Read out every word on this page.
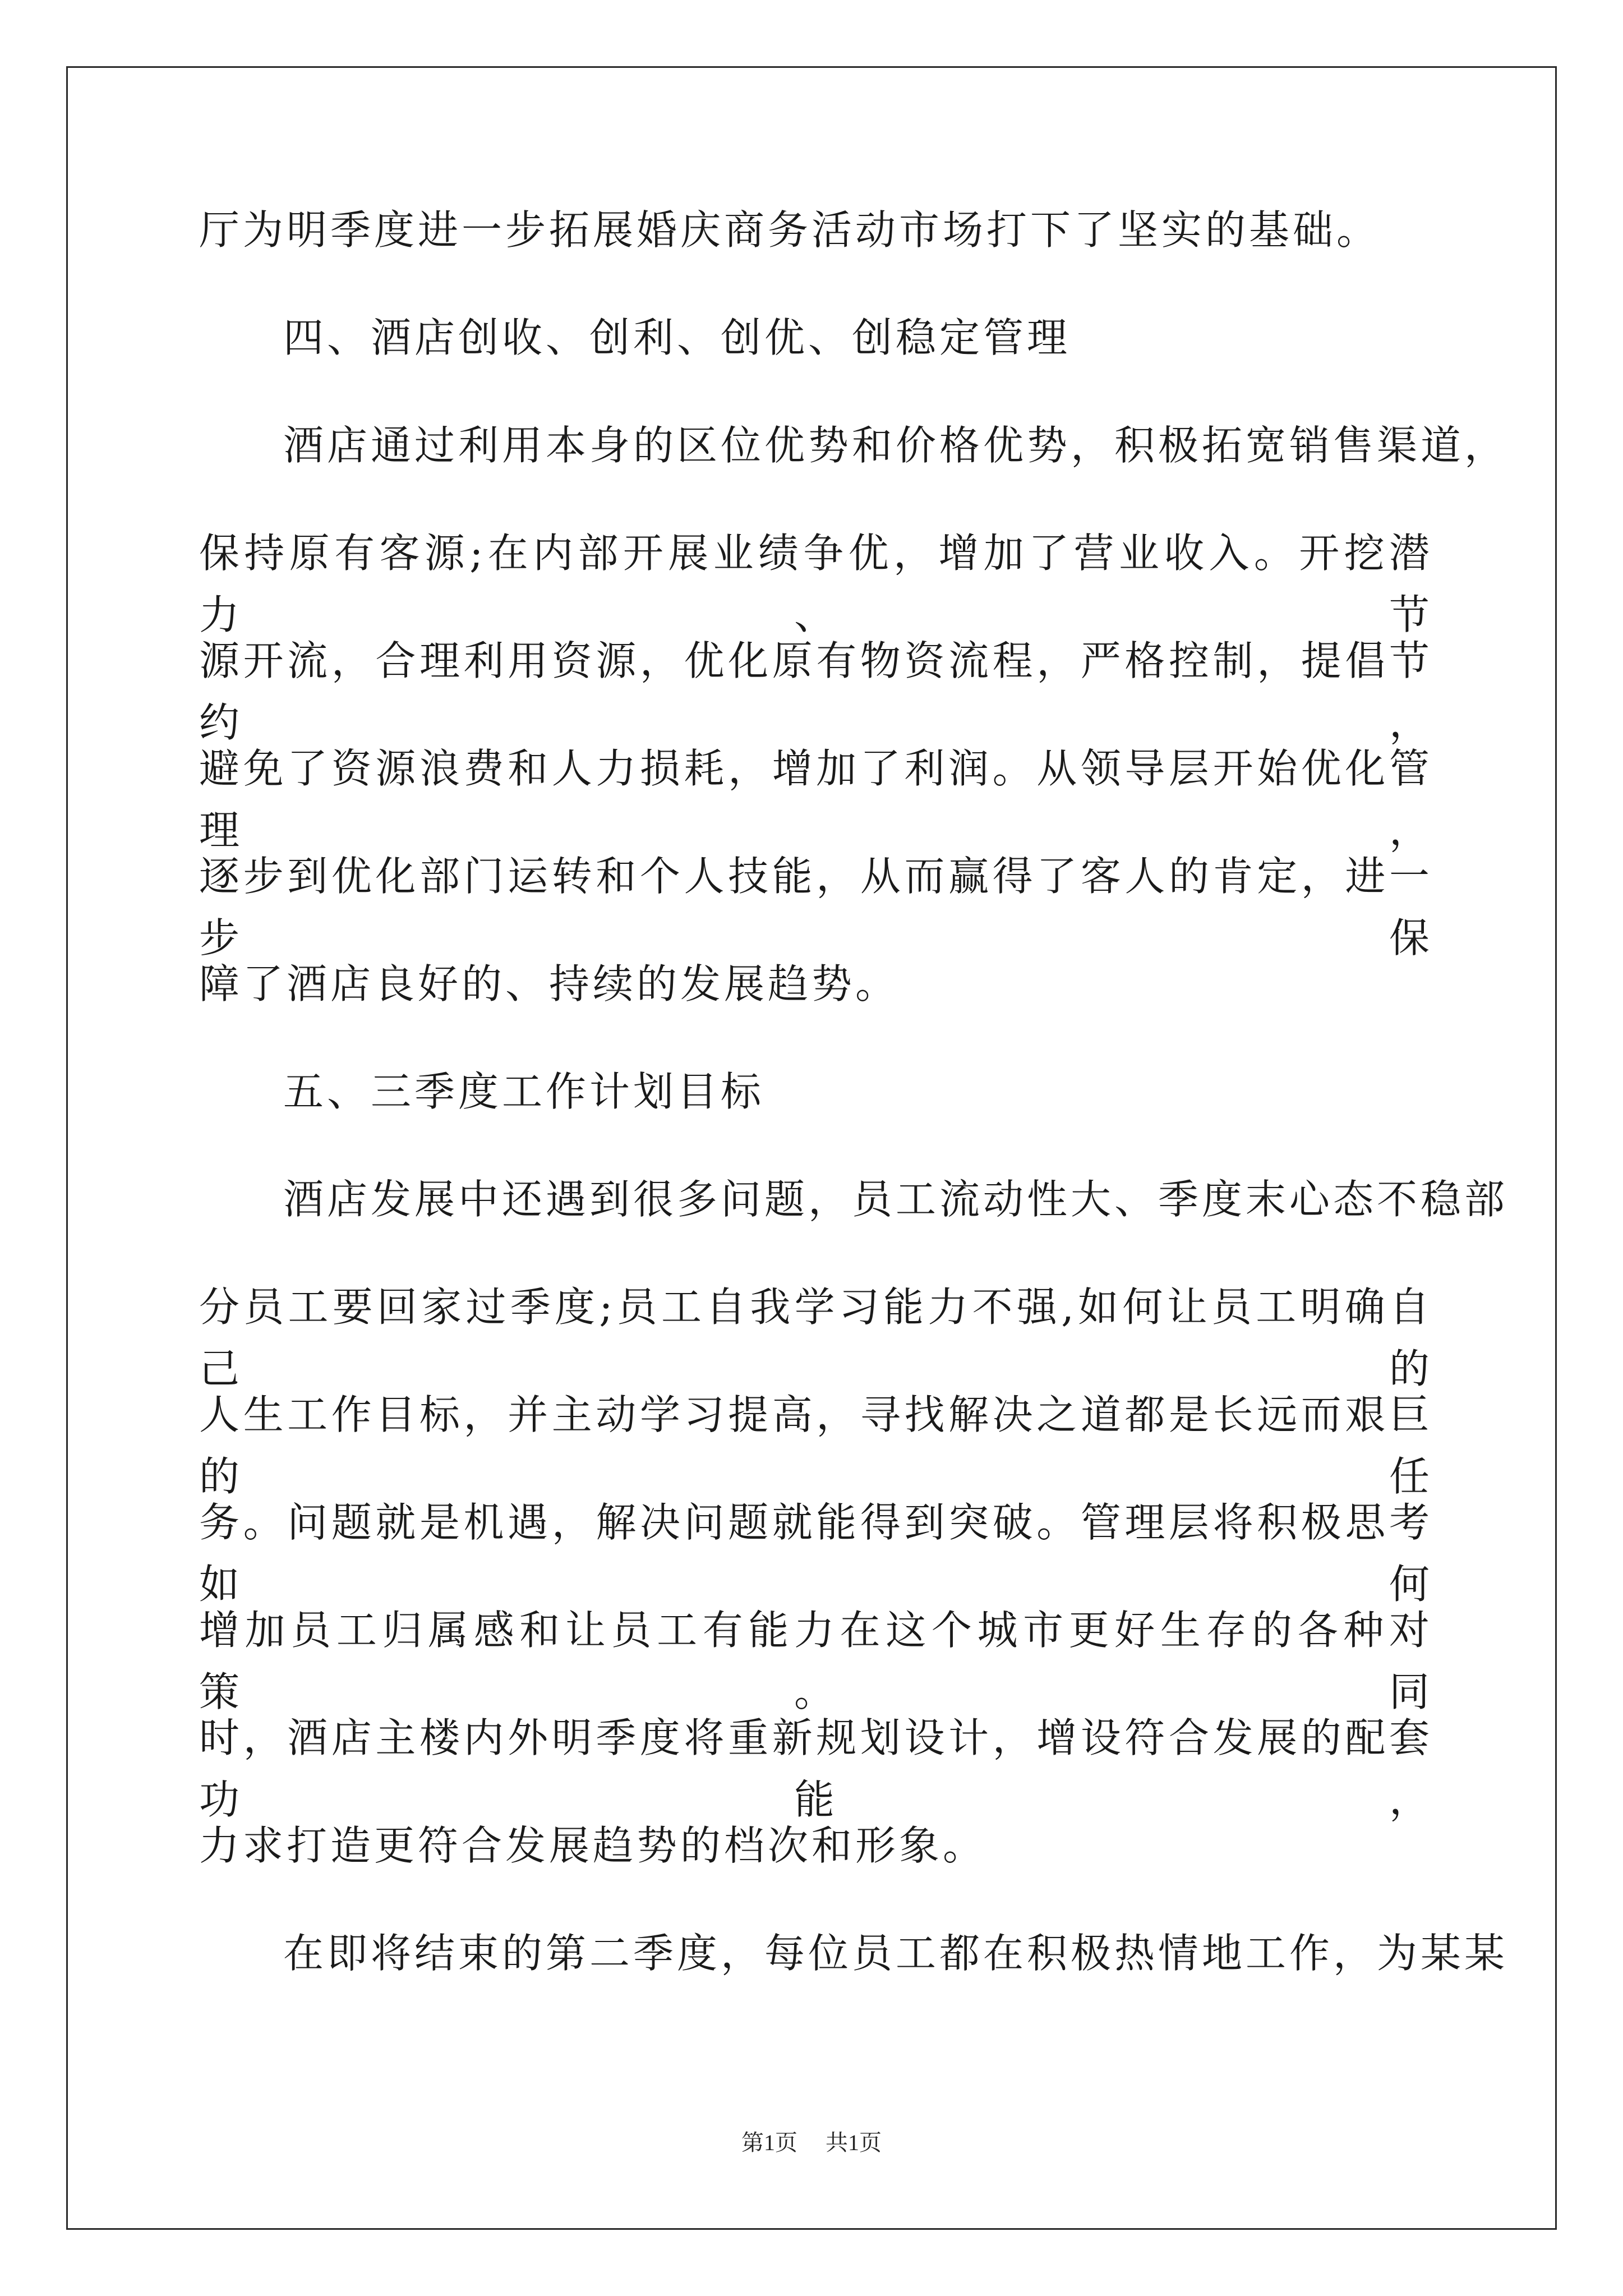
厅为明季度进一步拓展婚庆商务活动市场打下了坚实的基础。
四、酒店创收、创利、创优、创稳定管理
酒店通过利用本身的区位优势和价格优势，积极拓宽销售渠道，
保持原有客源;在内部开展业绩争优，增加了营业收入。开挖潜力、节
源开流，合理利用资源，优化原有物资流程，严格控制，提倡节约，
避免了资源浪费和人力损耗，增加了利润。从领导层开始优化管理，
逐步到优化部门运转和个人技能，从而赢得了客人的肯定，进一步保
障了酒店良好的、持续的发展趋势。
五、三季度工作计划目标
酒店发展中还遇到很多问题，员工流动性大、季度末心态不稳部
分员工要回家过季度;员工自我学习能力不强,如何让员工明确自己的
人生工作目标，并主动学习提高，寻找解决之道都是长远而艰巨的任
务。问题就是机遇，解决问题就能得到突破。管理层将积极思考如何
增加员工归属感和让员工有能力在这个城市更好生存的各种对策。同
时，酒店主楼内外明季度将重新规划设计，增设符合发展的配套功能，
力求打造更符合发展趋势的档次和形象。
在即将结束的第二季度，每位员工都在积极热情地工作，为某某
第1页 共1页
